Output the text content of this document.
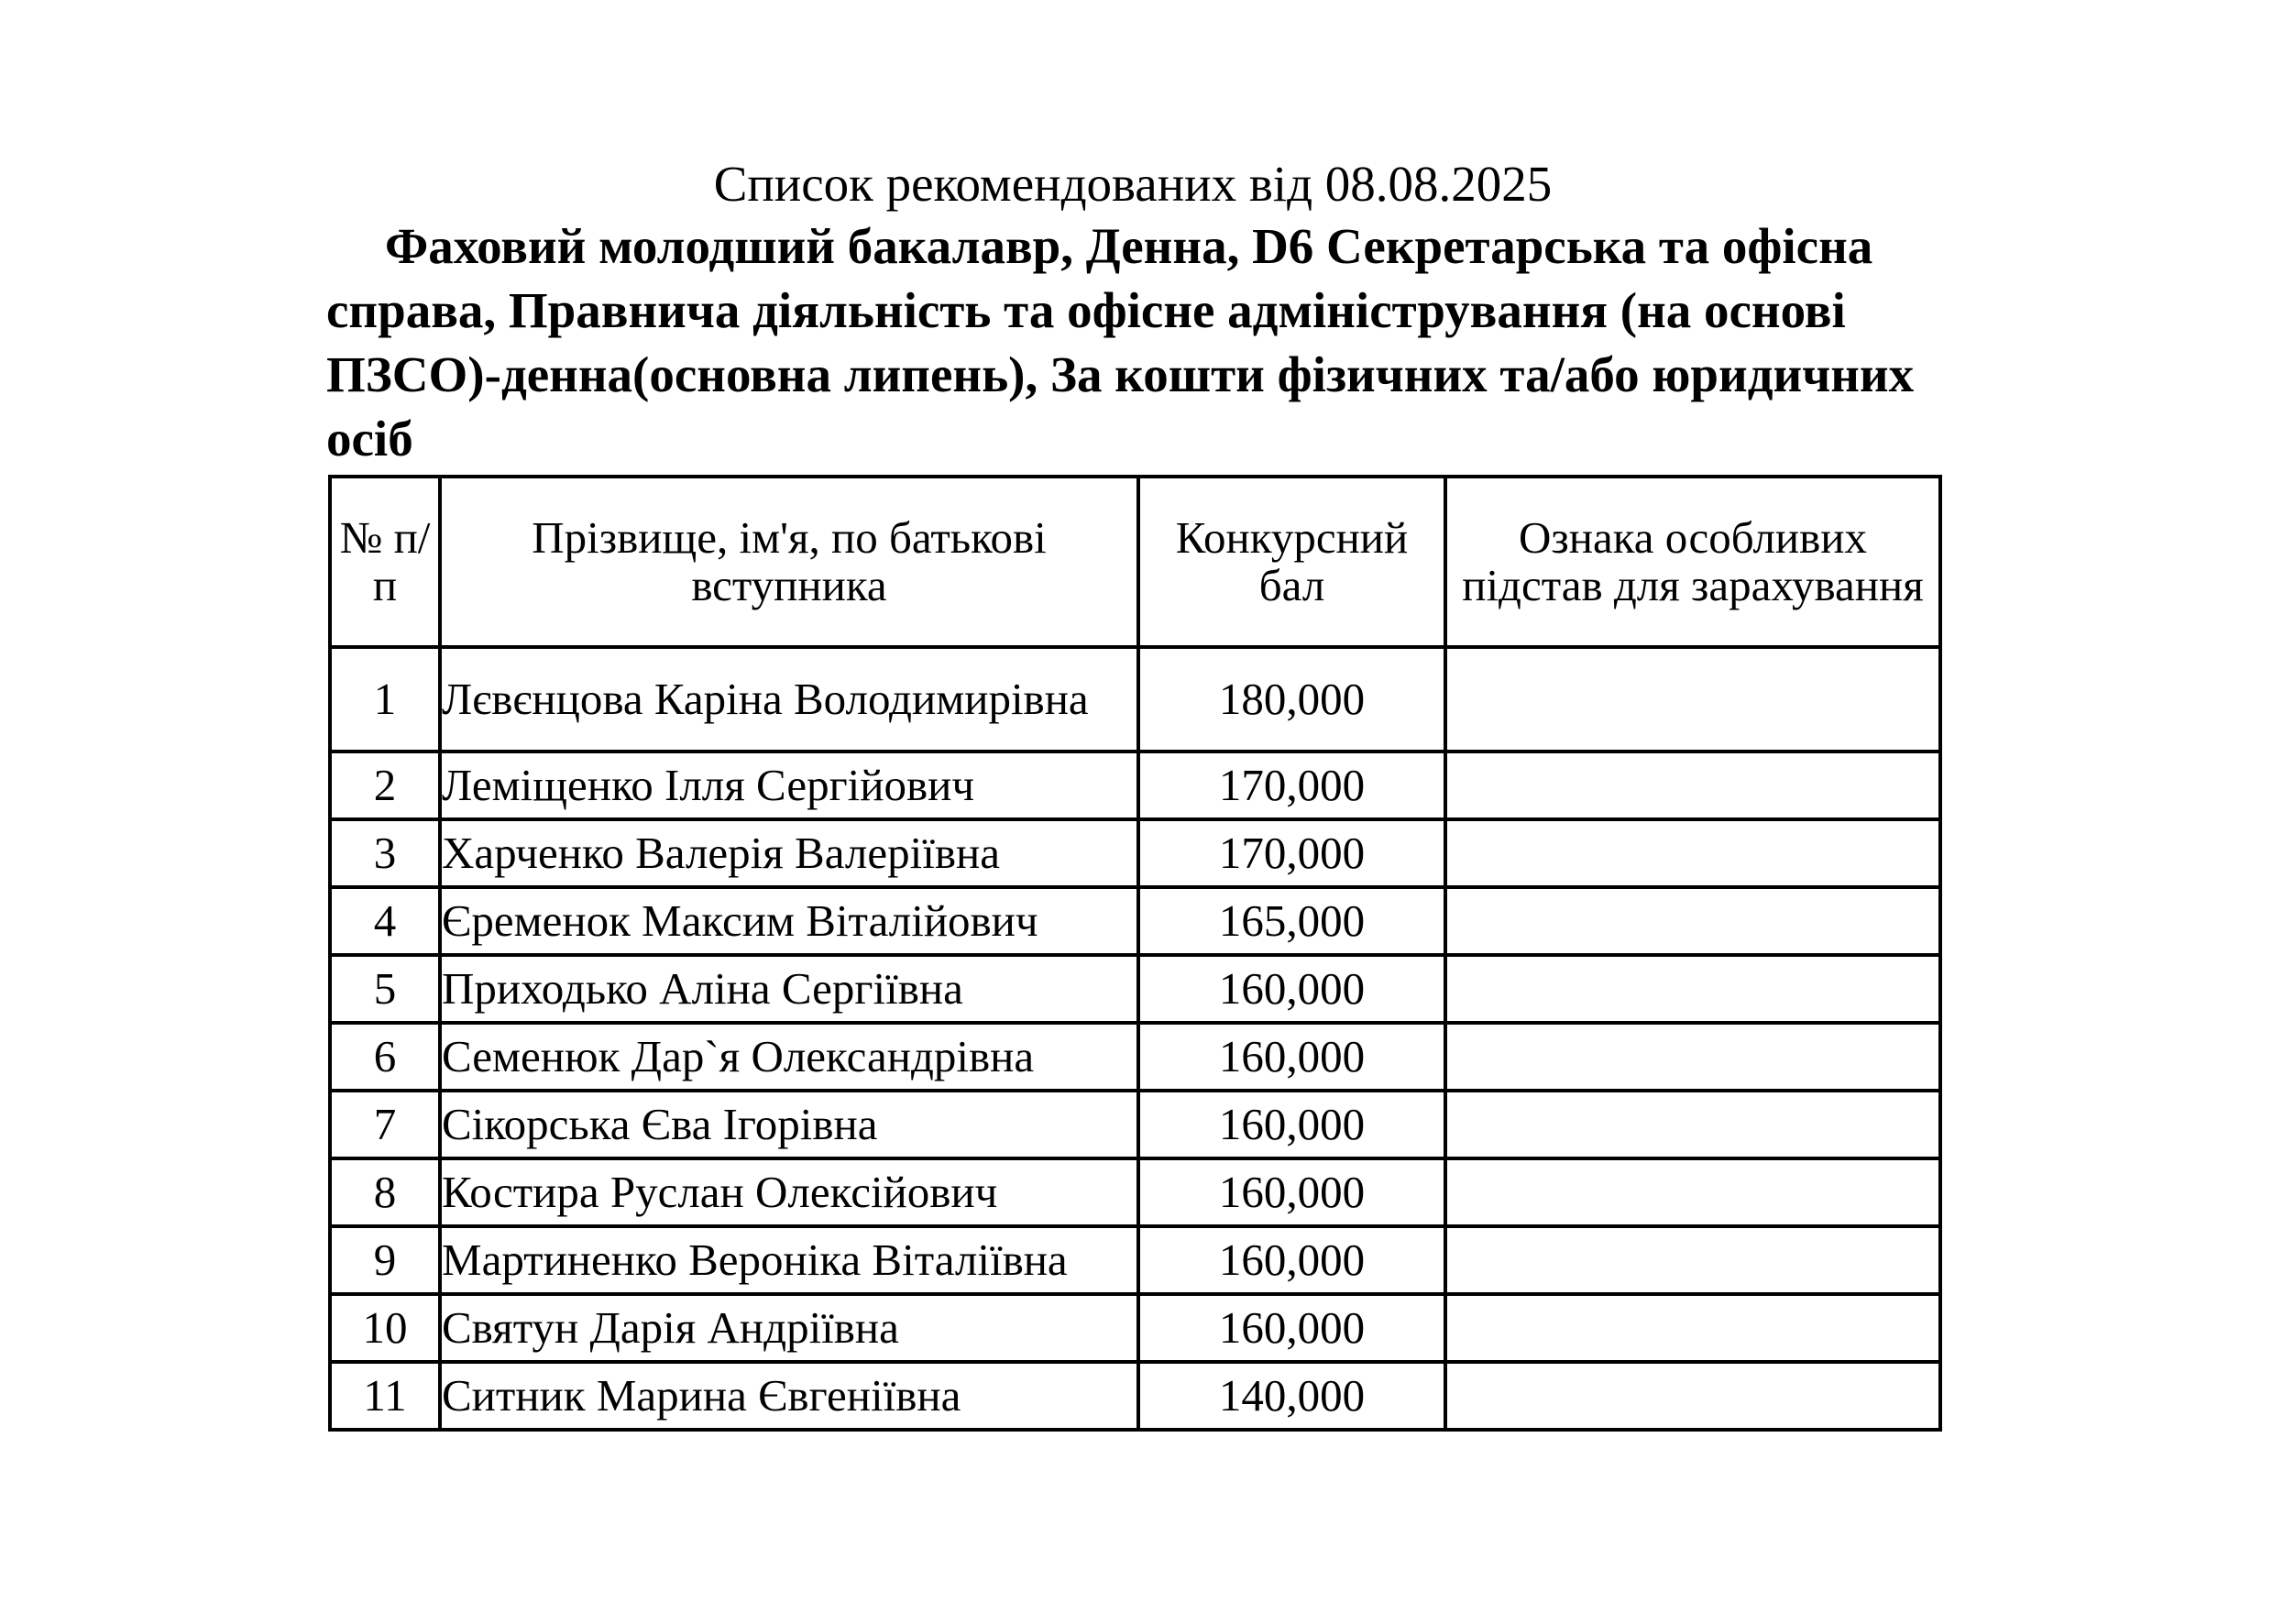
Список рекомендованих від 08.08.2025
Фаховий молодший бакалавр, Денна, D6 Секретарська та офісна справа, Правнича діяльність та офісне адміністрування (на основі ПЗСО)-денна(основна липень), За кошти фізичних та/або юридичних осіб
№ п/п	Прізвище, ім'я, по батькові вступника	Конкурсний бал	Ознака особливих підстав для зарахування
1	Лєвєнцова Каріна Володимирівна	180,000	
2	Леміщенко Ілля Сергійович	170,000	
3	Харченко Валерія Валеріївна	170,000	
4	Єременок Максим Віталійович	165,000	
5	Приходько Аліна Сергіївна	160,000	
6	Семенюк Дар`я Олександрівна	160,000	
7	Сікорська Єва Ігорівна	160,000	
8	Костира Руслан Олексійович	160,000	
9	Мартиненко Вероніка Віталіївна	160,000	
10	Святун Дарія Андріївна	160,000	
11	Ситник Марина Євгеніївна	140,000	
